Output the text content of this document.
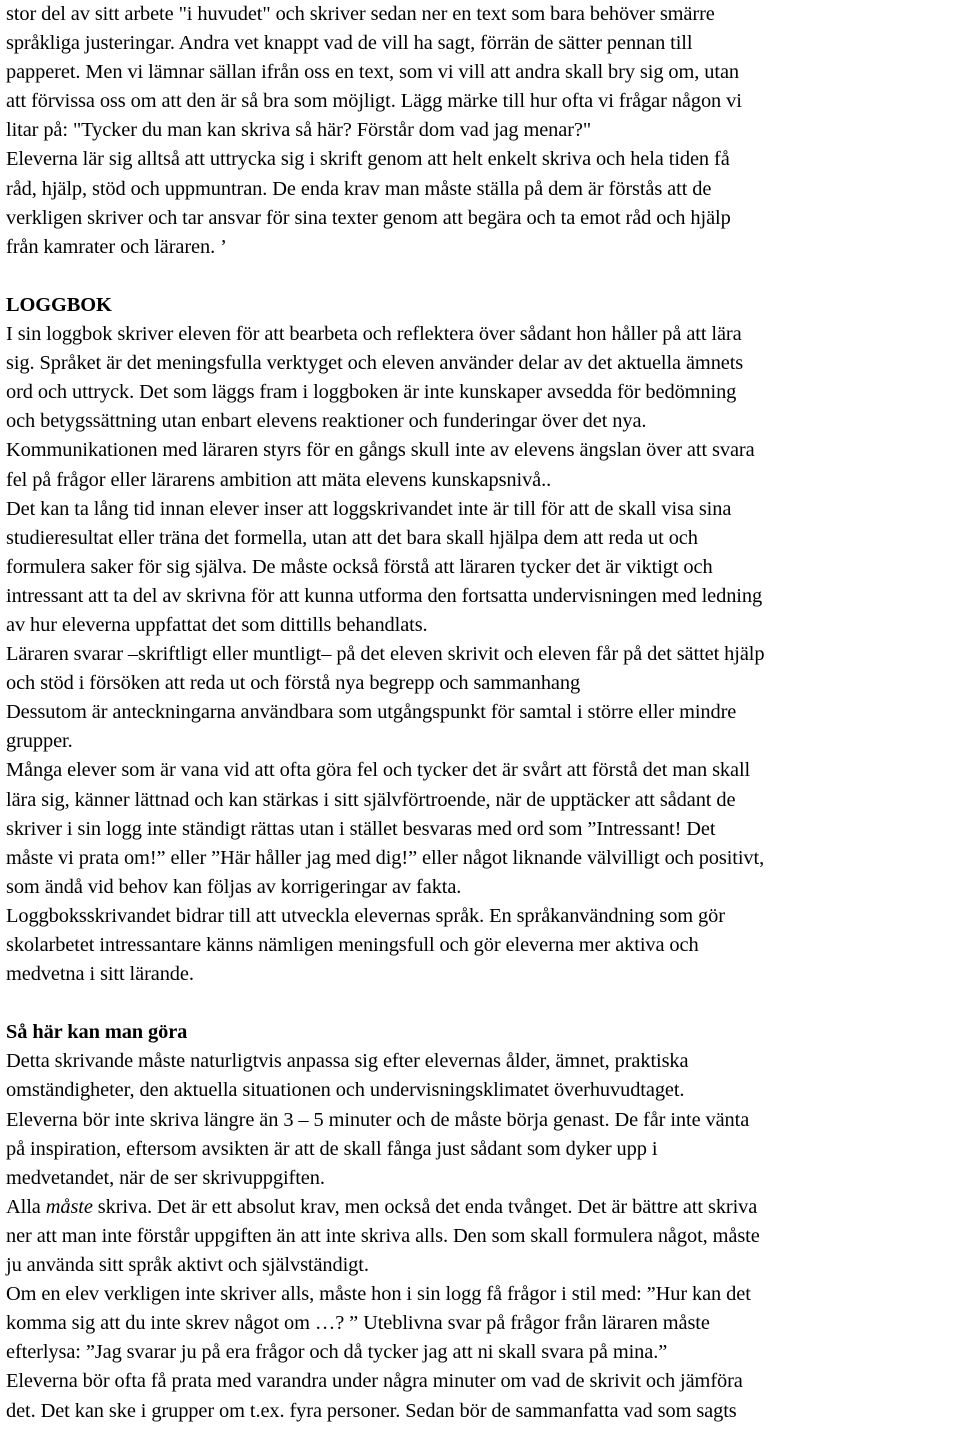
stor del av sitt arbete "i huvudet" och skriver sedan ner en text som bara behöver smärre
språkliga justeringar. Andra vet knappt vad de vill ha sagt, förrän de sätter pennan till
papperet. Men vi lämnar sällan ifrån oss en text, som vi vill att andra skall bry sig om, utan
att förvissa oss om att den är så bra som möjligt. Lägg märke till hur ofta vi frågar någon vi
litar på: "Tycker du man kan skriva så här? Förstår dom vad jag menar?"
Eleverna lär sig alltså att uttrycka sig i skrift genom att helt enkelt skriva och hela tiden få
råd, hjälp, stöd och uppmuntran. De enda krav man måste ställa på dem är förstås att de
verkligen skriver och tar ansvar för sina texter genom att begära och ta emot råd och hjälp
från kamrater och läraren. ’
LOGGBOK
I sin loggbok skriver eleven för att bearbeta och reflektera över sådant hon håller på att lära
sig. Språket är det meningsfulla verktyget och eleven använder delar av det aktuella ämnets
ord och uttryck. Det som läggs fram i loggboken är inte kunskaper avsedda för bedömning
och betygssättning utan enbart elevens reaktioner och funderingar över det nya.
Kommunikationen med läraren styrs för en gångs skull inte av elevens ängslan över att svara
fel på frågor eller lärarens ambition att mäta elevens kunskapsnivå..
Det kan ta lång tid innan elever inser att loggskrivandet inte är till för att de skall visa sina
studieresultat eller träna det formella, utan att det bara skall hjälpa dem att reda ut och
formulera saker för sig själva. De måste också förstå att läraren tycker det är viktigt och
intressant att ta del av skrivna för att kunna utforma den fortsatta undervisningen med ledning
av hur eleverna uppfattat det som dittills behandlats.
Läraren svarar –skriftligt eller muntligt– på det eleven skrivit och eleven får på det sättet hjälp
och stöd i försöken att reda ut och förstå nya begrepp och sammanhang
Dessutom är anteckningarna användbara som utgångspunkt för samtal i större eller mindre
grupper.
Många elever som är vana vid att ofta göra fel och tycker det är svårt att förstå det man skall
lära sig, känner lättnad och kan stärkas i sitt självförtroende, när de upptäcker att sådant de
skriver i sin logg inte ständigt rättas utan i stället besvaras med ord som ”Intressant! Det
måste vi prata om!” eller ”Här håller jag med dig!” eller något liknande välvilligt och positivt,
som ändå vid behov kan följas av korrigeringar av fakta.
Loggboksskrivandet bidrar till att utveckla elevernas språk. En språkanvändning som gör
skolarbetet intressantare känns nämligen meningsfull och gör eleverna mer aktiva och
medvetna i sitt lärande.
Så här kan man göra
Detta skrivande måste naturligtvis anpassa sig efter elevernas ålder, ämnet, praktiska
omständigheter, den aktuella situationen och undervisningsklimatet överhuvudtaget.
Eleverna bör inte skriva längre än 3 – 5 minuter och de måste börja genast. De får inte vänta
på inspiration, eftersom avsikten är att de skall fånga just sådant som dyker upp i
medvetandet, när de ser skrivuppgiften.
Alla måste skriva. Det är ett absolut krav, men också det enda tvånget. Det är bättre att skriva
ner att man inte förstår uppgiften än att inte skriva alls. Den som skall formulera något, måste
ju använda sitt språk aktivt och självständigt.
Om en elev verkligen inte skriver alls, måste hon i sin logg få frågor i stil med: ”Hur kan det
komma sig att du inte skrev något om …? ” Uteblivna svar på frågor från läraren måste
efterlysa: ”Jag svarar ju på era frågor och då tycker jag att ni skall svara på mina.”
Eleverna bör ofta få prata med varandra under några minuter om vad de skrivit och jämföra
det. Det kan ske i grupper om t.ex. fyra personer. Sedan bör de sammanfatta vad som sagts
